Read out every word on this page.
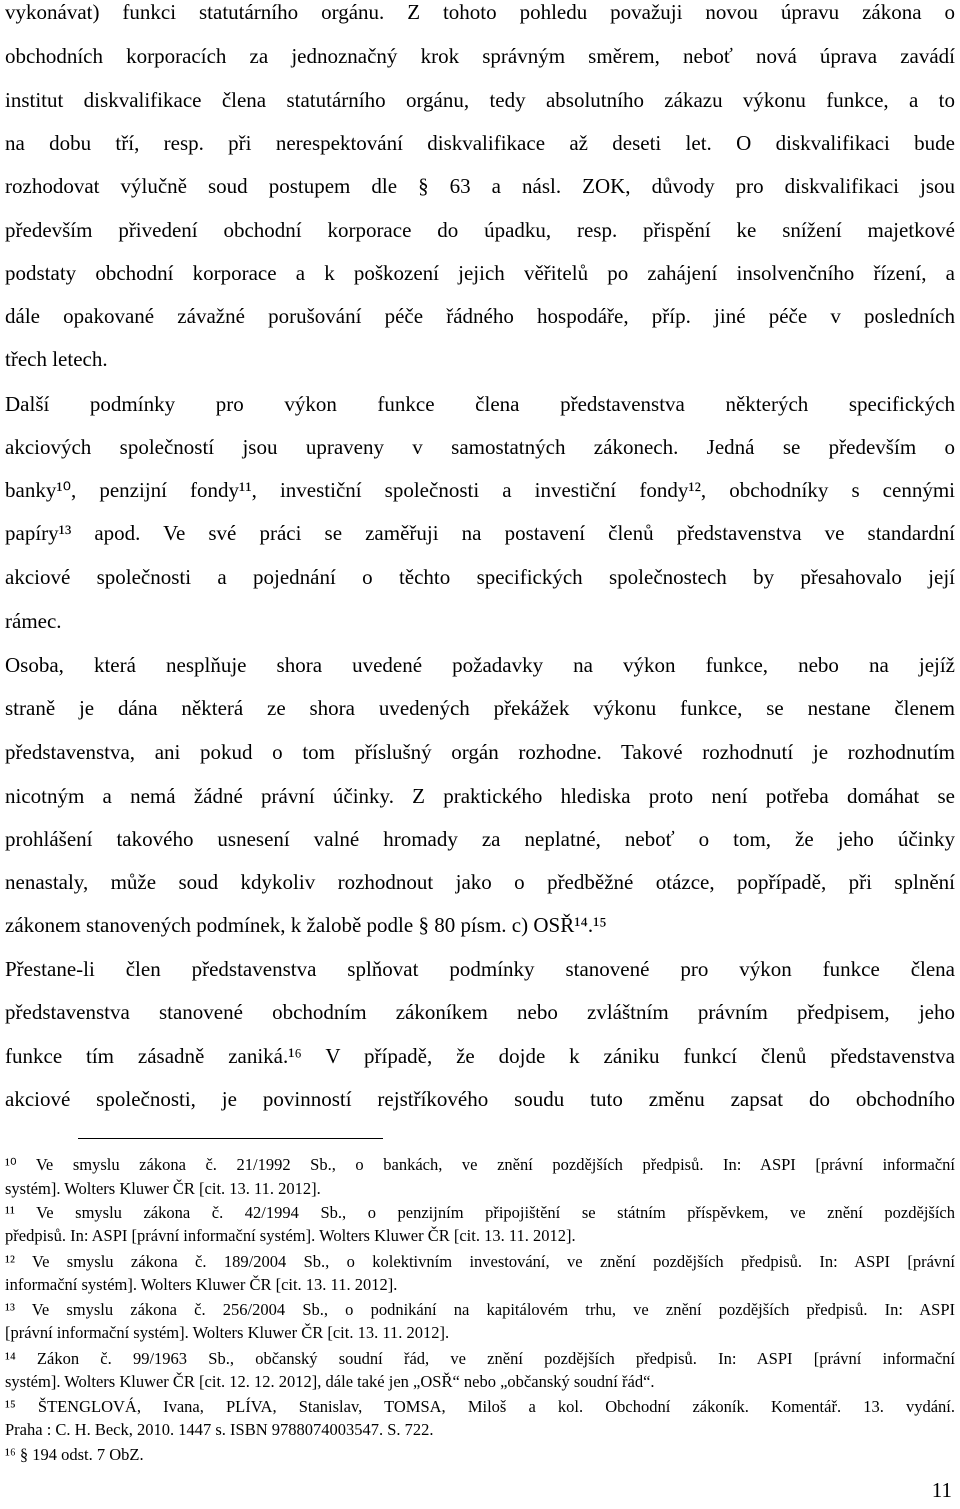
vykonávat) funkci statutárního orgánu. Z tohoto pohledu považuji novou úpravu zákona o
obchodních korporacích za jednoznačný krok správným směrem, neboť nová úprava zavádí
institut diskvalifikace člena statutárního orgánu, tedy absolutního zákazu výkonu funkce, a to
na dobu tří, resp. při nerespektování diskvalifikace až deseti let. O diskvalifikaci bude
rozhodovat výlučně soud postupem dle § 63 a násl. ZOK, důvody pro diskvalifikaci jsou
především přivedení obchodní korporace do úpadku, resp. přispění ke snížení majetkové
podstaty obchodní korporace a k poškození jejich věřitelů po zahájení insolvenčního řízení, a
dále opakované závažné porušování péče řádného hospodáře, příp. jiné péče v posledních
třech letech.
Další podmínky pro výkon funkce člena představenstva některých specifických
akciových společností jsou upraveny v samostatných zákonech. Jedná se především o
banky¹⁰, penzijní fondy¹¹, investiční společnosti a investiční fondy¹², obchodníky s cennými
papíry¹³ apod. Ve své práci se zaměřuji na postavení členů představenstva ve standardní
akciové společnosti a pojednání o těchto specifických společnostech by přesahovalo její
rámec.
Osoba, která nesplňuje shora uvedené požadavky na výkon funkce, nebo na jejíž
straně je dána některá ze shora uvedených překážek výkonu funkce, se nestane členem
představenstva, ani pokud o tom příslušný orgán rozhodne. Takové rozhodnutí je rozhodnutím
nicotným a nemá žádné právní účinky. Z praktického hlediska proto není potřeba domáhat se
prohlášení takového usnesení valné hromady za neplatné, neboť o tom, že jeho účinky
nenastaly, může soud kdykoliv rozhodnout jako o předběžné otázce, popřípadě, při splnění
zákonem stanovených podmínek, k žalobě podle § 80 písm. c) OSŘ¹⁴.¹⁵
Přestane-li člen představenstva splňovat podmínky stanovené pro výkon funkce člena
představenstva stanovené obchodním zákoníkem nebo zvláštním právním předpisem, jeho
funkce tím zásadně zaniká.¹⁶ V případě, že dojde k zániku funkcí členů představenstva
akciové společnosti, je povinností rejstříkového soudu tuto změnu zapsat do obchodního
¹⁰ Ve smyslu zákona č. 21/1992 Sb., o bankách, ve znění pozdějších předpisů. In: ASPI [právní informační
systém]. Wolters Kluwer ČR [cit. 13. 11. 2012].
¹¹ Ve smyslu zákona č. 42/1994 Sb., o penzijním připojištění se státním příspěvkem, ve znění pozdějších
předpisů. In: ASPI [právní informační systém]. Wolters Kluwer ČR [cit. 13. 11. 2012].
¹² Ve smyslu zákona č. 189/2004 Sb., o kolektivním investování, ve znění pozdějších předpisů. In: ASPI [právní
informační systém]. Wolters Kluwer ČR [cit. 13. 11. 2012].
¹³ Ve smyslu zákona č. 256/2004 Sb., o podnikání na kapitálovém trhu, ve znění pozdějších předpisů. In: ASPI
[právní informační systém]. Wolters Kluwer ČR [cit. 13. 11. 2012].
¹⁴ Zákon č. 99/1963 Sb., občanský soudní řád, ve znění pozdějších předpisů. In: ASPI [právní informační
systém]. Wolters Kluwer ČR [cit. 12. 12. 2012], dále také jen „OSŘ“ nebo „občanský soudní řád“.
¹⁵ ŠTENGLOVÁ, Ivana, PLÍVA, Stanislav, TOMSA, Miloš a kol. Obchodní zákoník. Komentář. 13. vydání.
Praha : C. H. Beck, 2010. 1447 s. ISBN 9788074003547. S. 722.
¹⁶ § 194 odst. 7 ObZ.
11
